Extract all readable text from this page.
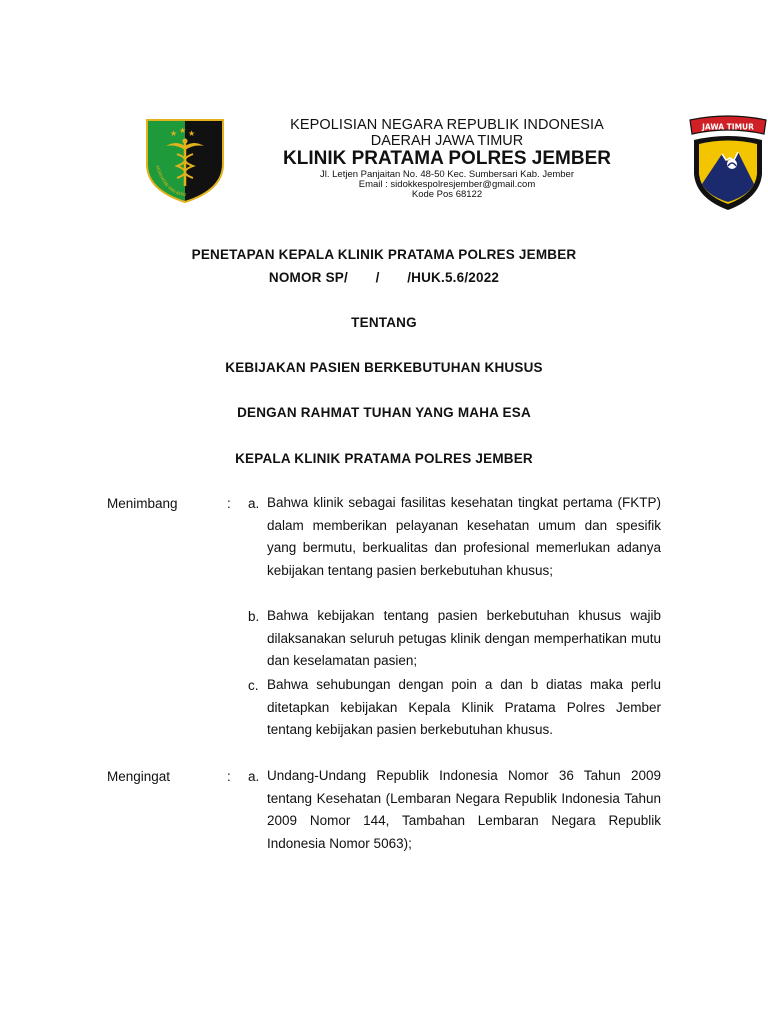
★ ★ ★
KESEHATAN DAN KEPO
JAWA TIMUR
KEPOLISIAN NEGARA REPUBLIK INDONESIA
DAERAH JAWA TIMUR
KLINIK PRATAMA POLRES JEMBER
Jl. Letjen Panjaitan No. 48-50 Kec. Sumbersari Kab. Jember
Email : sidokkespolresjember@gmail.com
Kode Pos 68122
PENETAPAN KEPALA KLINIK PRATAMA POLRES JEMBER
NOMOR SP/       /       /HUK.5.6/2022
TENTANG
KEBIJAKAN PASIEN BERKEBUTUHAN KHUSUS
DENGAN RAHMAT TUHAN YANG MAHA ESA
KEPALA KLINIK PRATAMA POLRES JEMBER
Menimbang	: a. Bahwa klinik sebagai fasilitas kesehatan tingkat pertama (FKTP) dalam memberikan pelayanan kesehatan umum dan spesifik yang bermutu, berkualitas dan profesional memerlukan adanya kebijakan tentang pasien berkebutuhan khusus;
b. Bahwa kebijakan tentang pasien berkebutuhan khusus wajib dilaksanakan seluruh petugas klinik dengan memperhatikan mutu dan keselamatan pasien;
c. Bahwa sehubungan dengan poin a dan b diatas maka perlu ditetapkan kebijakan Kepala Klinik Pratama Polres Jember tentang kebijakan pasien berkebutuhan khusus.
Mengingat	: a. Undang-Undang Republik Indonesia Nomor 36 Tahun 2009 tentang Kesehatan (Lembaran Negara Republik Indonesia Tahun 2009 Nomor 144, Tambahan Lembaran Negara Republik Indonesia Nomor 5063);
